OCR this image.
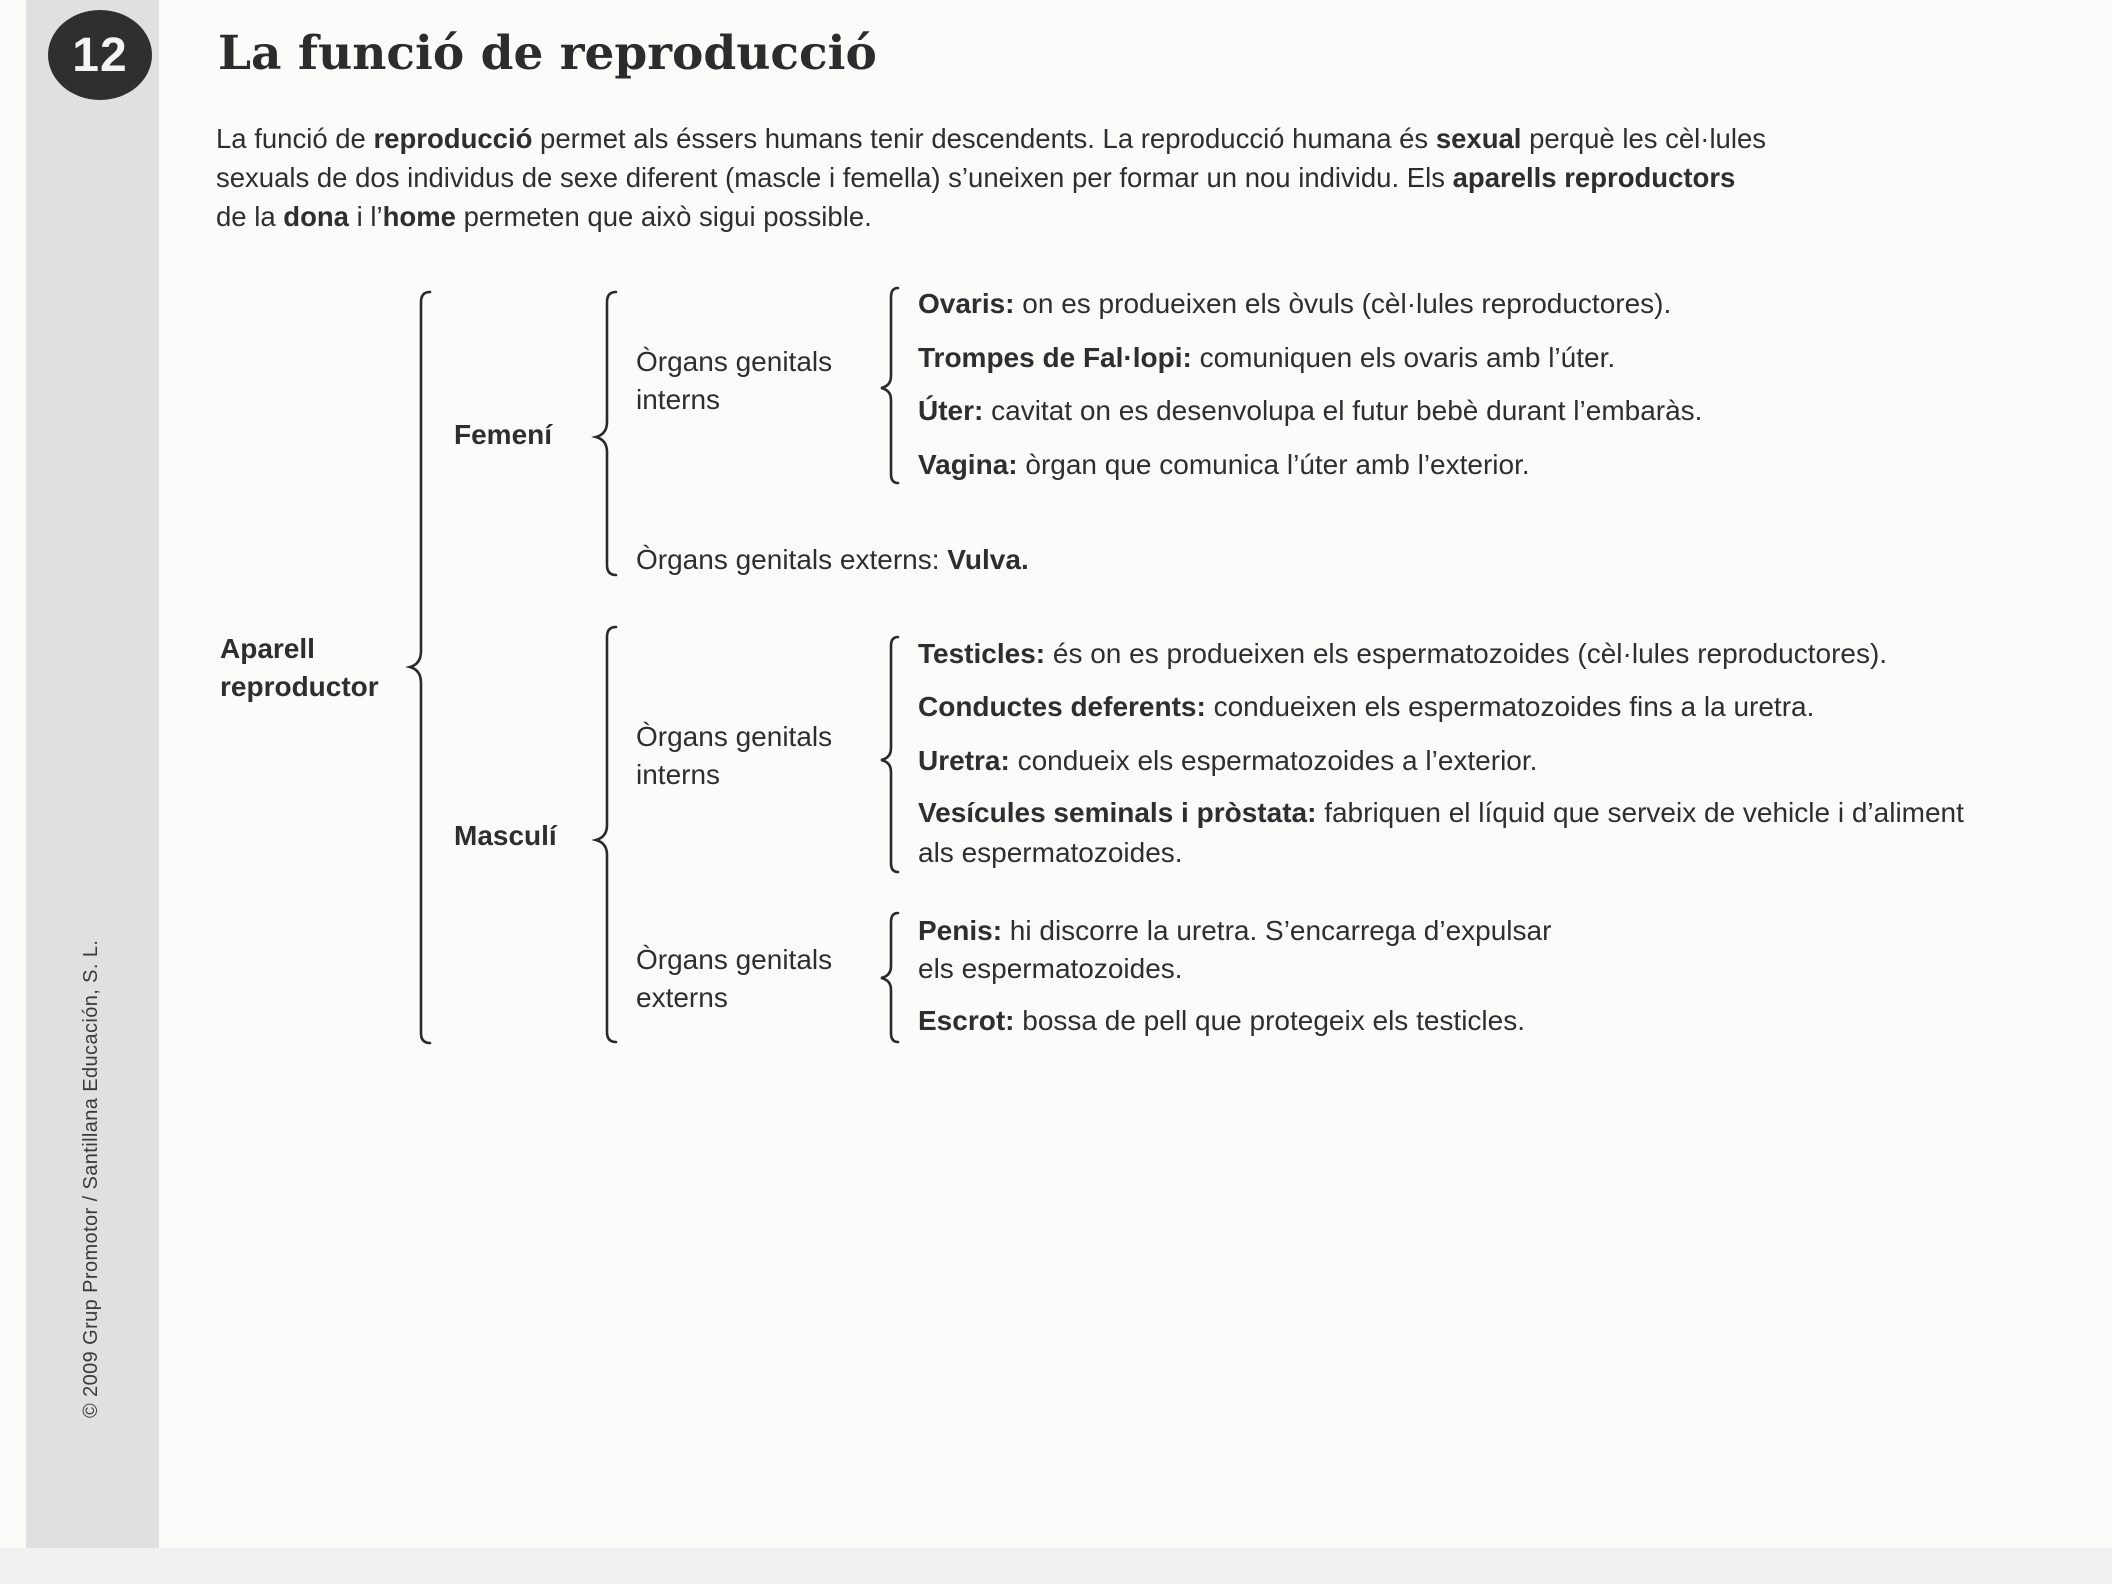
12
© 2009 Grup Promotor / Santillana Educación, S. L.
La funció de reproducció

La funció de reproducció permet als éssers humans tenir descendents. La reproducció humana és sexual perquè les cèl·lules

sexuals de dos individus de sexe diferent (mascle i femella) s’uneixen per formar un nou individu. Els aparells reproductors

de la dona i l’home permeten que això sigui possible.

Aparell
reproductor
Femení
Òrgans genitals
interns
Ovaris: on es produeixen els òvuls (cèl·lules reproductores).
Trompes de Fal·lopi: comuniquen els ovaris amb l’úter.
Úter: cavitat on es desenvolupa el futur bebè durant l’embaràs.
Vagina: òrgan que comunica l’úter amb l’exterior.
Òrgans genitals externs: Vulva.
Masculí
Òrgans genitals
interns
Testicles: és on es produeixen els espermatozoides (cèl·lules reproductores).
Conductes deferents: condueixen els espermatozoides fins a la uretra.
Uretra: condueix els espermatozoides a l’exterior.
Vesícules seminals i pròstata: fabriquen el líquid que serveix de vehicle i d’aliment
als espermatozoides.
Òrgans genitals
externs
Penis: hi discorre la uretra. S’encarrega d’expulsar
els espermatozoides.
Escrot: bossa de pell que protegeix els testicles.
